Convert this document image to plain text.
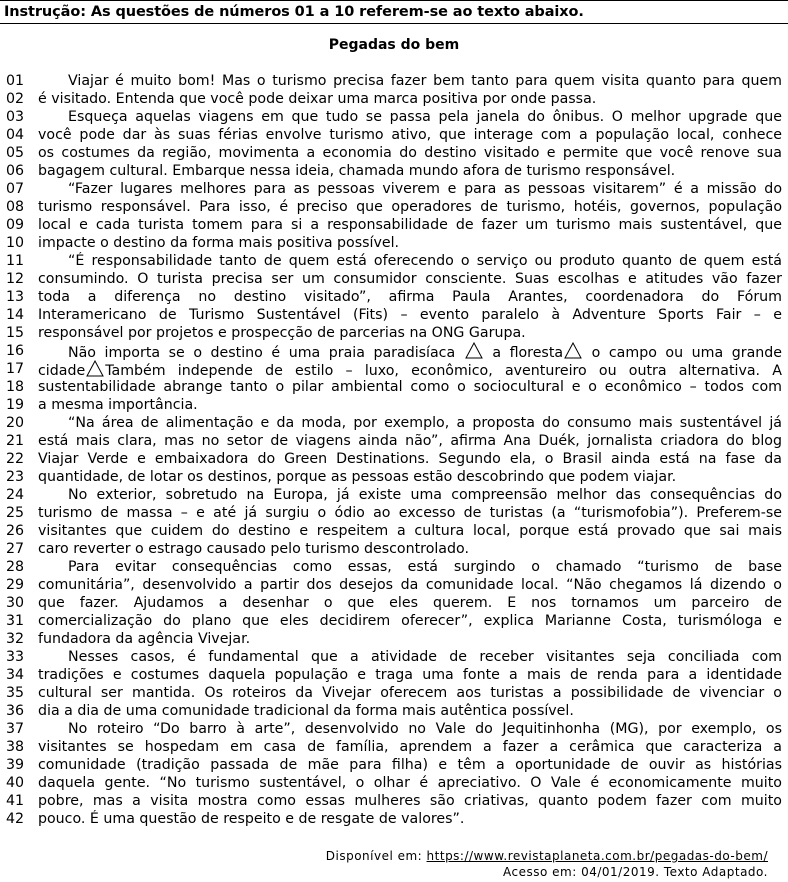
Instrução: As questões de números 01 a 10 referem-se ao texto abaixo.
Pegadas do bem
01	Viajar é muito bom! Mas o turismo precisa fazer bem tanto para quem visita quanto para quem
02 é visitado. Entenda que você pode deixar uma marca positiva por onde passa.
03	Esqueça aquelas viagens em que tudo se passa pela janela do ônibus. O melhor upgrade que
04 você pode dar às suas férias envolve turismo ativo, que interage com a população local, conhece
05 os costumes da região, movimenta a economia do destino visitado e permite que você renove sua
06 bagagem cultural. Embarque nessa ideia, chamada mundo afora de turismo responsável.
07	“Fazer lugares melhores para as pessoas viverem e para as pessoas visitarem” é a missão do
08 turismo responsável. Para isso, é preciso que operadores de turismo, hotéis, governos, população
09 local e cada turista tomem para si a responsabilidade de fazer um turismo mais sustentável, que
10 impacte o destino da forma mais positiva possível.
11	“É responsabilidade tanto de quem está oferecendo o serviço ou produto quanto de quem está
12 consumindo. O turista precisa ser um consumidor consciente. Suas escolhas e atitudes vão fazer
13 toda a diferença no destino visitado”, afirma Paula Arantes, coordenadora do Fórum
14 Interamericano de Turismo Sustentável (Fits) – evento paralelo à Adventure Sports Fair – e
15 responsável por projetos e prospecção de parcerias na ONG Garupa.
16	Não importa se o destino é uma praia paradisíaca	a floresta o campo ou uma grande
17 cidade Também independe de estilo – luxo, econômico, aventureiro ou outra alternativa. A
18 sustentabilidade abrange tanto o pilar ambiental como o sociocultural e o econômico – todos com
19 a mesma importância.
20	“Na área de alimentação e da moda, por exemplo, a proposta do consumo mais sustentável já
21 está mais clara, mas no setor de viagens ainda não”, afirma Ana Duék, jornalista criadora do blog
22 Viajar Verde e embaixadora do Green Destinations. Segundo ela, o Brasil ainda está na fase da
23 quantidade, de lotar os destinos, porque as pessoas estão descobrindo que podem viajar.
24	No exterior, sobretudo na Europa, já existe uma compreensão melhor das consequências do
25 turismo de massa – e até já surgiu o ódio ao excesso de turistas (a “turismofobia”). Preferem-se
26 visitantes que cuidem do destino e respeitem a cultura local, porque está provado que sai mais
27 caro reverter o estrago causado pelo turismo descontrolado.
28	Para evitar consequências como essas, está surgindo o chamado “turismo de base
29 comunitária”, desenvolvido a partir dos desejos da comunidade local. “Não chegamos lá dizendo o
30 que fazer. Ajudamos a desenhar o que eles querem. E nos tornamos um parceiro de
31 comercialização do plano que eles decidirem oferecer”, explica Marianne Costa, turismóloga e
32 fundadora da agência Vivejar.
33	Nesses casos, é fundamental que a atividade de receber visitantes seja conciliada com
34 tradições e costumes daquela população e traga uma fonte a mais de renda para a identidade
35 cultural ser mantida. Os roteiros da Vivejar oferecem aos turistas a possibilidade de vivenciar o
36 dia a dia de uma comunidade tradicional da forma mais autêntica possível.
37	No roteiro “Do barro à arte”, desenvolvido no Vale do Jequitinhonha (MG), por exemplo, os
38 visitantes se hospedam em casa de família, aprendem a fazer a cerâmica que caracteriza a
39 comunidade (tradição passada de mãe para filha) e têm a oportunidade de ouvir as histórias
40 daquela gente. “No turismo sustentável, o olhar é apreciativo. O Vale é economicamente muito
41 pobre, mas a visita mostra como essas mulheres são criativas, quanto podem fazer com muito
42 pouco. É uma questão de respeito e de resgate de valores”.
Disponível em: https://www.revistaplaneta.com.br/pegadas-do-bem/
Acesso em: 04/01/2019. Texto Adaptado.
